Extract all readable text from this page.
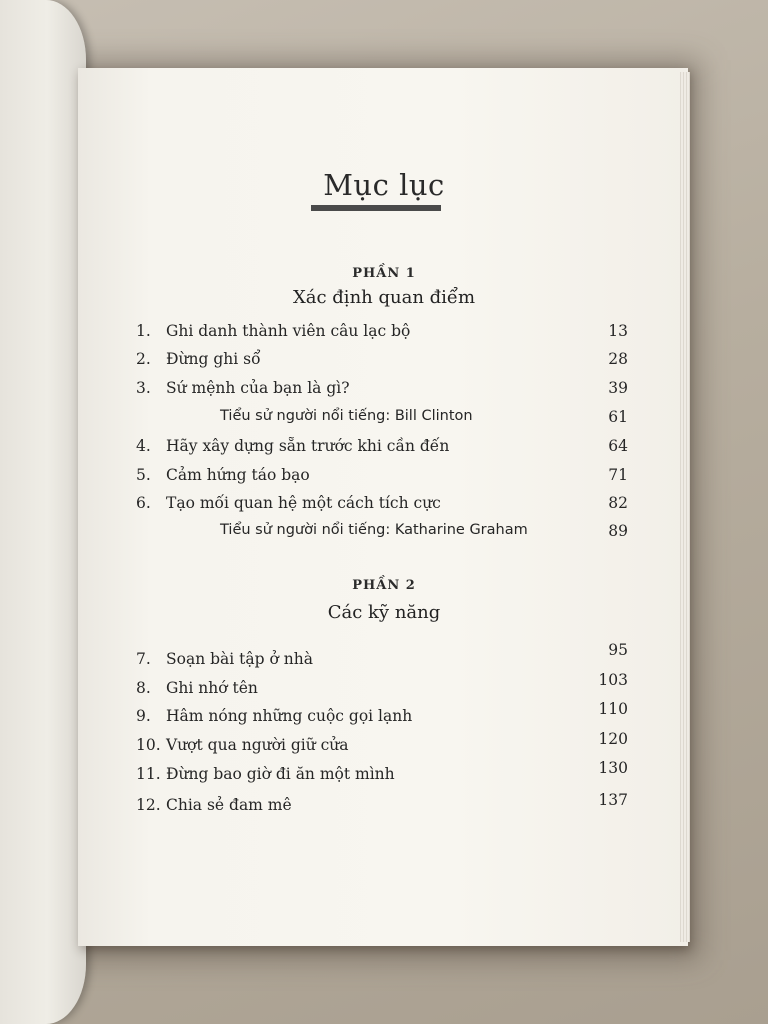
Mục lục
PHẦN 1
Xác định quan điểm
1. Ghi danh thành viên câu lạc bộ	13
2. Đừng ghi sổ	28
3. Sứ mệnh của bạn là gì?	39
Tiểu sử người nổi tiếng: Bill Clinton	61
4. Hãy xây dựng sẵn trước khi cần đến	64
5. Cảm hứng táo bạo	71
6. Tạo mối quan hệ một cách tích cực	82
Tiểu sử người nổi tiếng: Katharine Graham	89
PHẦN 2
Các kỹ năng
7. Soạn bài tập ở nhà	95
8. Ghi nhớ tên	103
9. Hâm nóng những cuộc gọi lạnh	110
10. Vượt qua người giữ cửa	120
11. Đừng bao giờ đi ăn một mình	130
12. Chia sẻ đam mê	137
